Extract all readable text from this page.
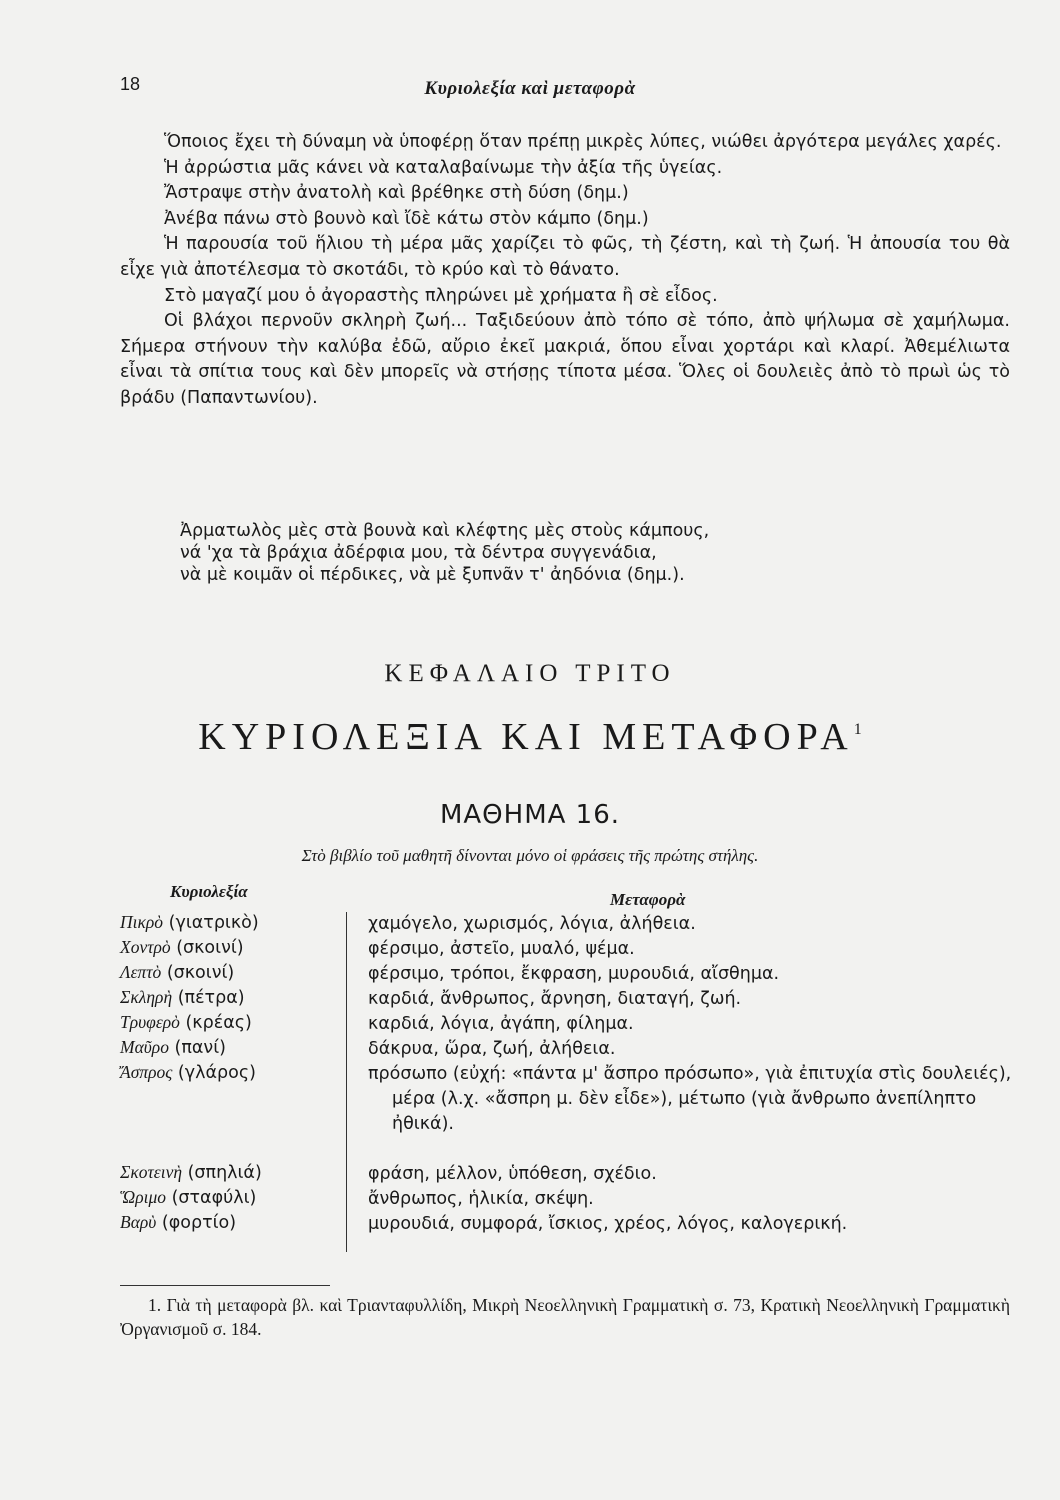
18	Κυριολεξία καὶ μεταφορὰ

Ὅποιος ἔχει τὴ δύναμη νὰ ὑποφέρῃ ὅταν πρέπῃ μικρὲς λύπες, νιώθει ἀργότερα μεγάλες χαρές.

Ἡ ἀρρώστια μᾶς κάνει νὰ καταλαβαίνωμε τὴν ἀξία τῆς ὑγείας.

Ἄστραψε στὴν ἀνατολὴ καὶ βρέθηκε στὴ δύση (δημ.)

Ἀνέβα πάνω στὸ βουνὸ καὶ ἴδὲ κάτω στὸν κάμπο (δημ.)

Ἡ παρουσία τοῦ ἥλιου τὴ μέρα μᾶς χαρίζει τὸ φῶς, τὴ ζέστη, καὶ τὴ ζωή. Ἡ ἀπουσία του θὰ εἶχε γιὰ ἀποτέλεσμα τὸ σκοτάδι, τὸ κρύο καὶ τὸ θάνατο.

Στὸ μαγαζί μου ὁ ἀγοραστὴς πληρώνει μὲ χρήματα ἢ σὲ εἶδος.

Οἱ βλάχοι περνοῦν σκληρὴ ζωή... Ταξιδεύουν ἀπὸ τόπο σὲ τόπο, ἀπὸ ψήλωμα σὲ χαμήλωμα. Σήμερα στήνουν τὴν καλύβα ἐδῶ, αὔριο ἐκεῖ μακριά, ὅπου εἶναι χορτάρι καὶ κλαρί. Ἀθεμέλιωτα εἶναι τὰ σπίτια τους καὶ δὲν μπορεῖς νὰ στήσῃς τίποτα μέσα. Ὅλες οἱ δουλειὲς ἀπὸ τὸ πρωὶ ὡς τὸ βράδυ (Παπαντωνίου).

Ἀρματωλὸς μὲς στὰ βουνὰ καὶ κλέφτης μὲς στοὺς κάμπους,
νά 'χα τὰ βράχια ἀδέρφια μου, τὰ δέντρα συγγενάδια,
νὰ μὲ κοιμᾶν οἱ πέρδικες, νὰ μὲ ξυπνᾶν τ' ἀηδόνια (δημ.).
ΚΕΦΑΛΑΙΟ ΤΡΙΤΟ
ΚΥΡΙΟΛΕΞΙΑ ΚΑΙ ΜΕΤΑΦΟΡΑ$^1$
ΜΑΘΗΜΑ 16.
Στὸ βιβλίο τοῦ μαθητῆ δίνονται μόνο οἱ φράσεις τῆς πρώτης στήλης.
Κυριολεξία	Μεταφορὰ
Πικρὸ (γιατρικὸ)	χαμόγελο, χωρισμός, λόγια, ἀλήθεια.
Χοντρὸ (σκοινί)	φέρσιμο, ἀστεῖο, μυαλό, ψέμα.
Λεπτὸ (σκοινί)	φέρσιμο, τρόποι, ἔκφραση, μυρουδιά, αἴσθημα.
Σκληρὴ (πέτρα)	καρδιά, ἄνθρωπος, ἄρνηση, διαταγή, ζωή.
Τρυφερὸ (κρέας)	καρδιά, λόγια, ἀγάπη, φίλημα.
Μαῦρο (πανί)	δάκρυα, ὥρα, ζωή, ἀλήθεια.
Ἄσπρος (γλάρος)	πρόσωπο (εὐχή: «πάντα μ' ἄσπρο πρόσωπο», γιὰ ἐπιτυχία στὶς δουλειές), μέρα (λ.χ. «ἄσπρη μ. δὲν εἶδε»), μέτωπο (γιὰ ἄνθρωπο ἀνεπίληπτο ἠθικά).
Σκοτεινὴ (σπηλιά)	φράση, μέλλον, ὑπόθεση, σχέδιο.
Ὥριμο (σταφύλι)	ἄνθρωπος, ἡλικία, σκέψη.
Βαρὺ (φορτίο)	μυρουδιά, συμφορά, ἴσκιος, χρέος, λόγος, καλογερική.
1. Γιὰ τὴ μεταφορὰ βλ. καὶ Τριανταφυλλίδη, Μικρὴ Νεοελληνικὴ Γραμματικὴ σ. 73, Κρατικὴ Νεοελληνικὴ Γραμματικὴ Ὀργανισμοῦ σ. 184.
